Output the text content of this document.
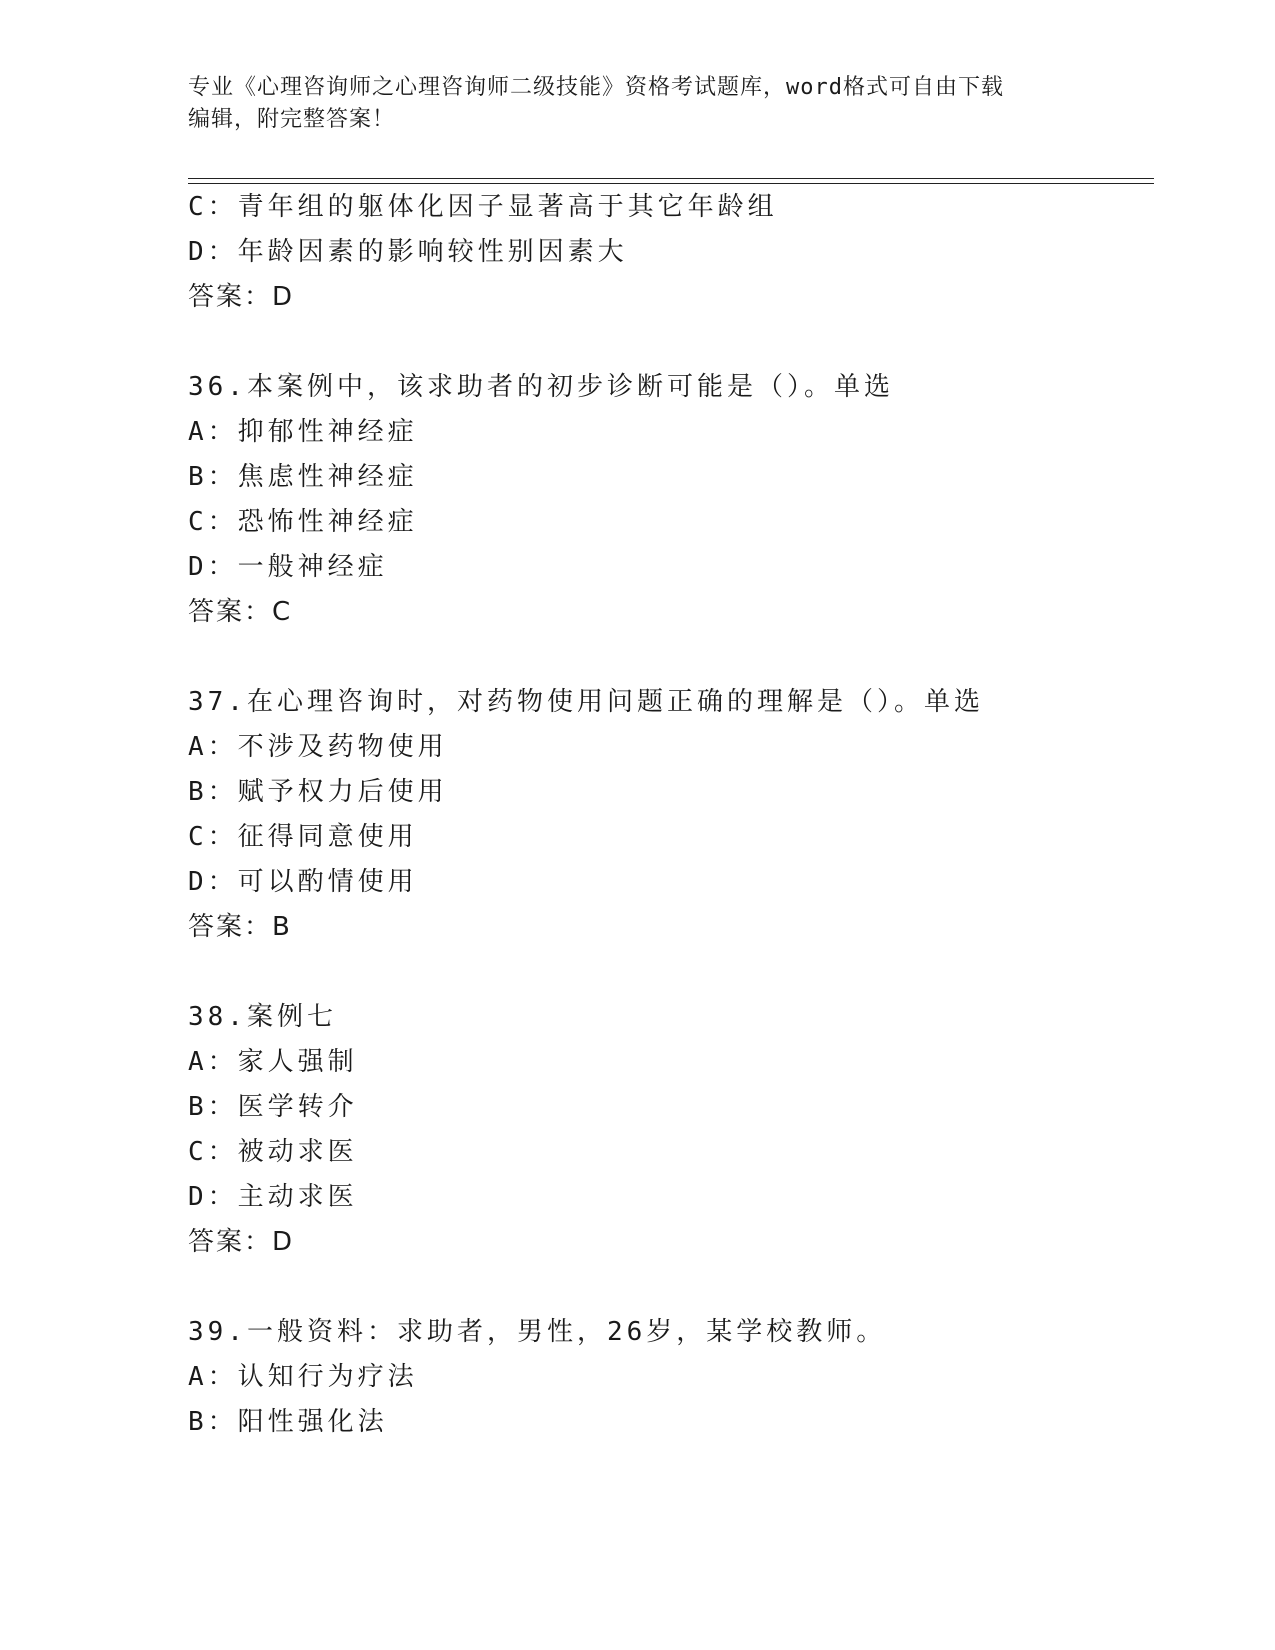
专业《心理咨询师之心理咨询师二级技能》资格考试题库，word格式可自由下载
编辑，附完整答案！
C：青年组的躯体化因子显著高于其它年龄组
D：年龄因素的影响较性别因素大
答案：D
36.本案例中，该求助者的初步诊断可能是（）。单选
A：抑郁性神经症
B：焦虑性神经症
C：恐怖性神经症
D：一般神经症
答案：C
37.在心理咨询时，对药物使用问题正确的理解是（）。单选
A：不涉及药物使用
B：赋予权力后使用
C：征得同意使用
D：可以酌情使用
答案：B
38.案例七
A：家人强制
B：医学转介
C：被动求医
D：主动求医
答案：D
39.一般资料：求助者，男性，26岁，某学校教师。
A：认知行为疗法
B：阳性强化法
